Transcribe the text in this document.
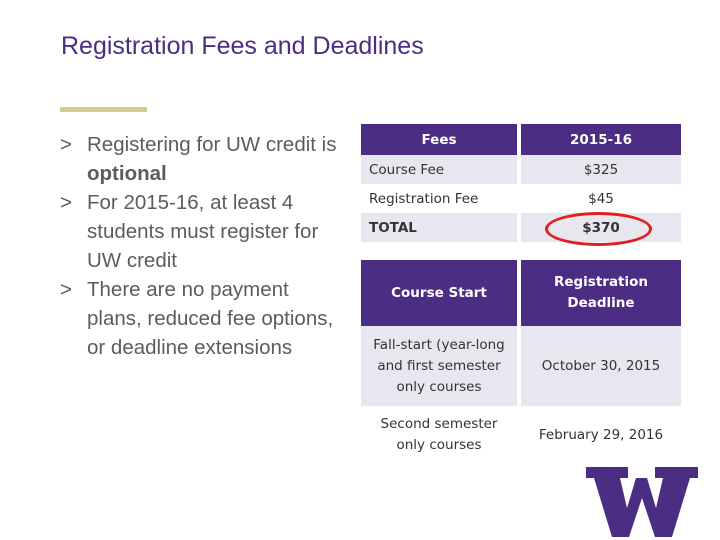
Registration Fees and Deadlines
> Registering for UW credit is optional
> For 2015-16, at least 4 students must register for UW credit
> There are no payment plans, reduced fee options, or deadline extensions
Fees	2015-16
Course Fee	$325
Registration Fee	$45
TOTAL	$370
Course Start	Registration Deadline
Fall-start (year-long and first semester only courses	October 30, 2015
Second semester only courses	February 29, 2016
